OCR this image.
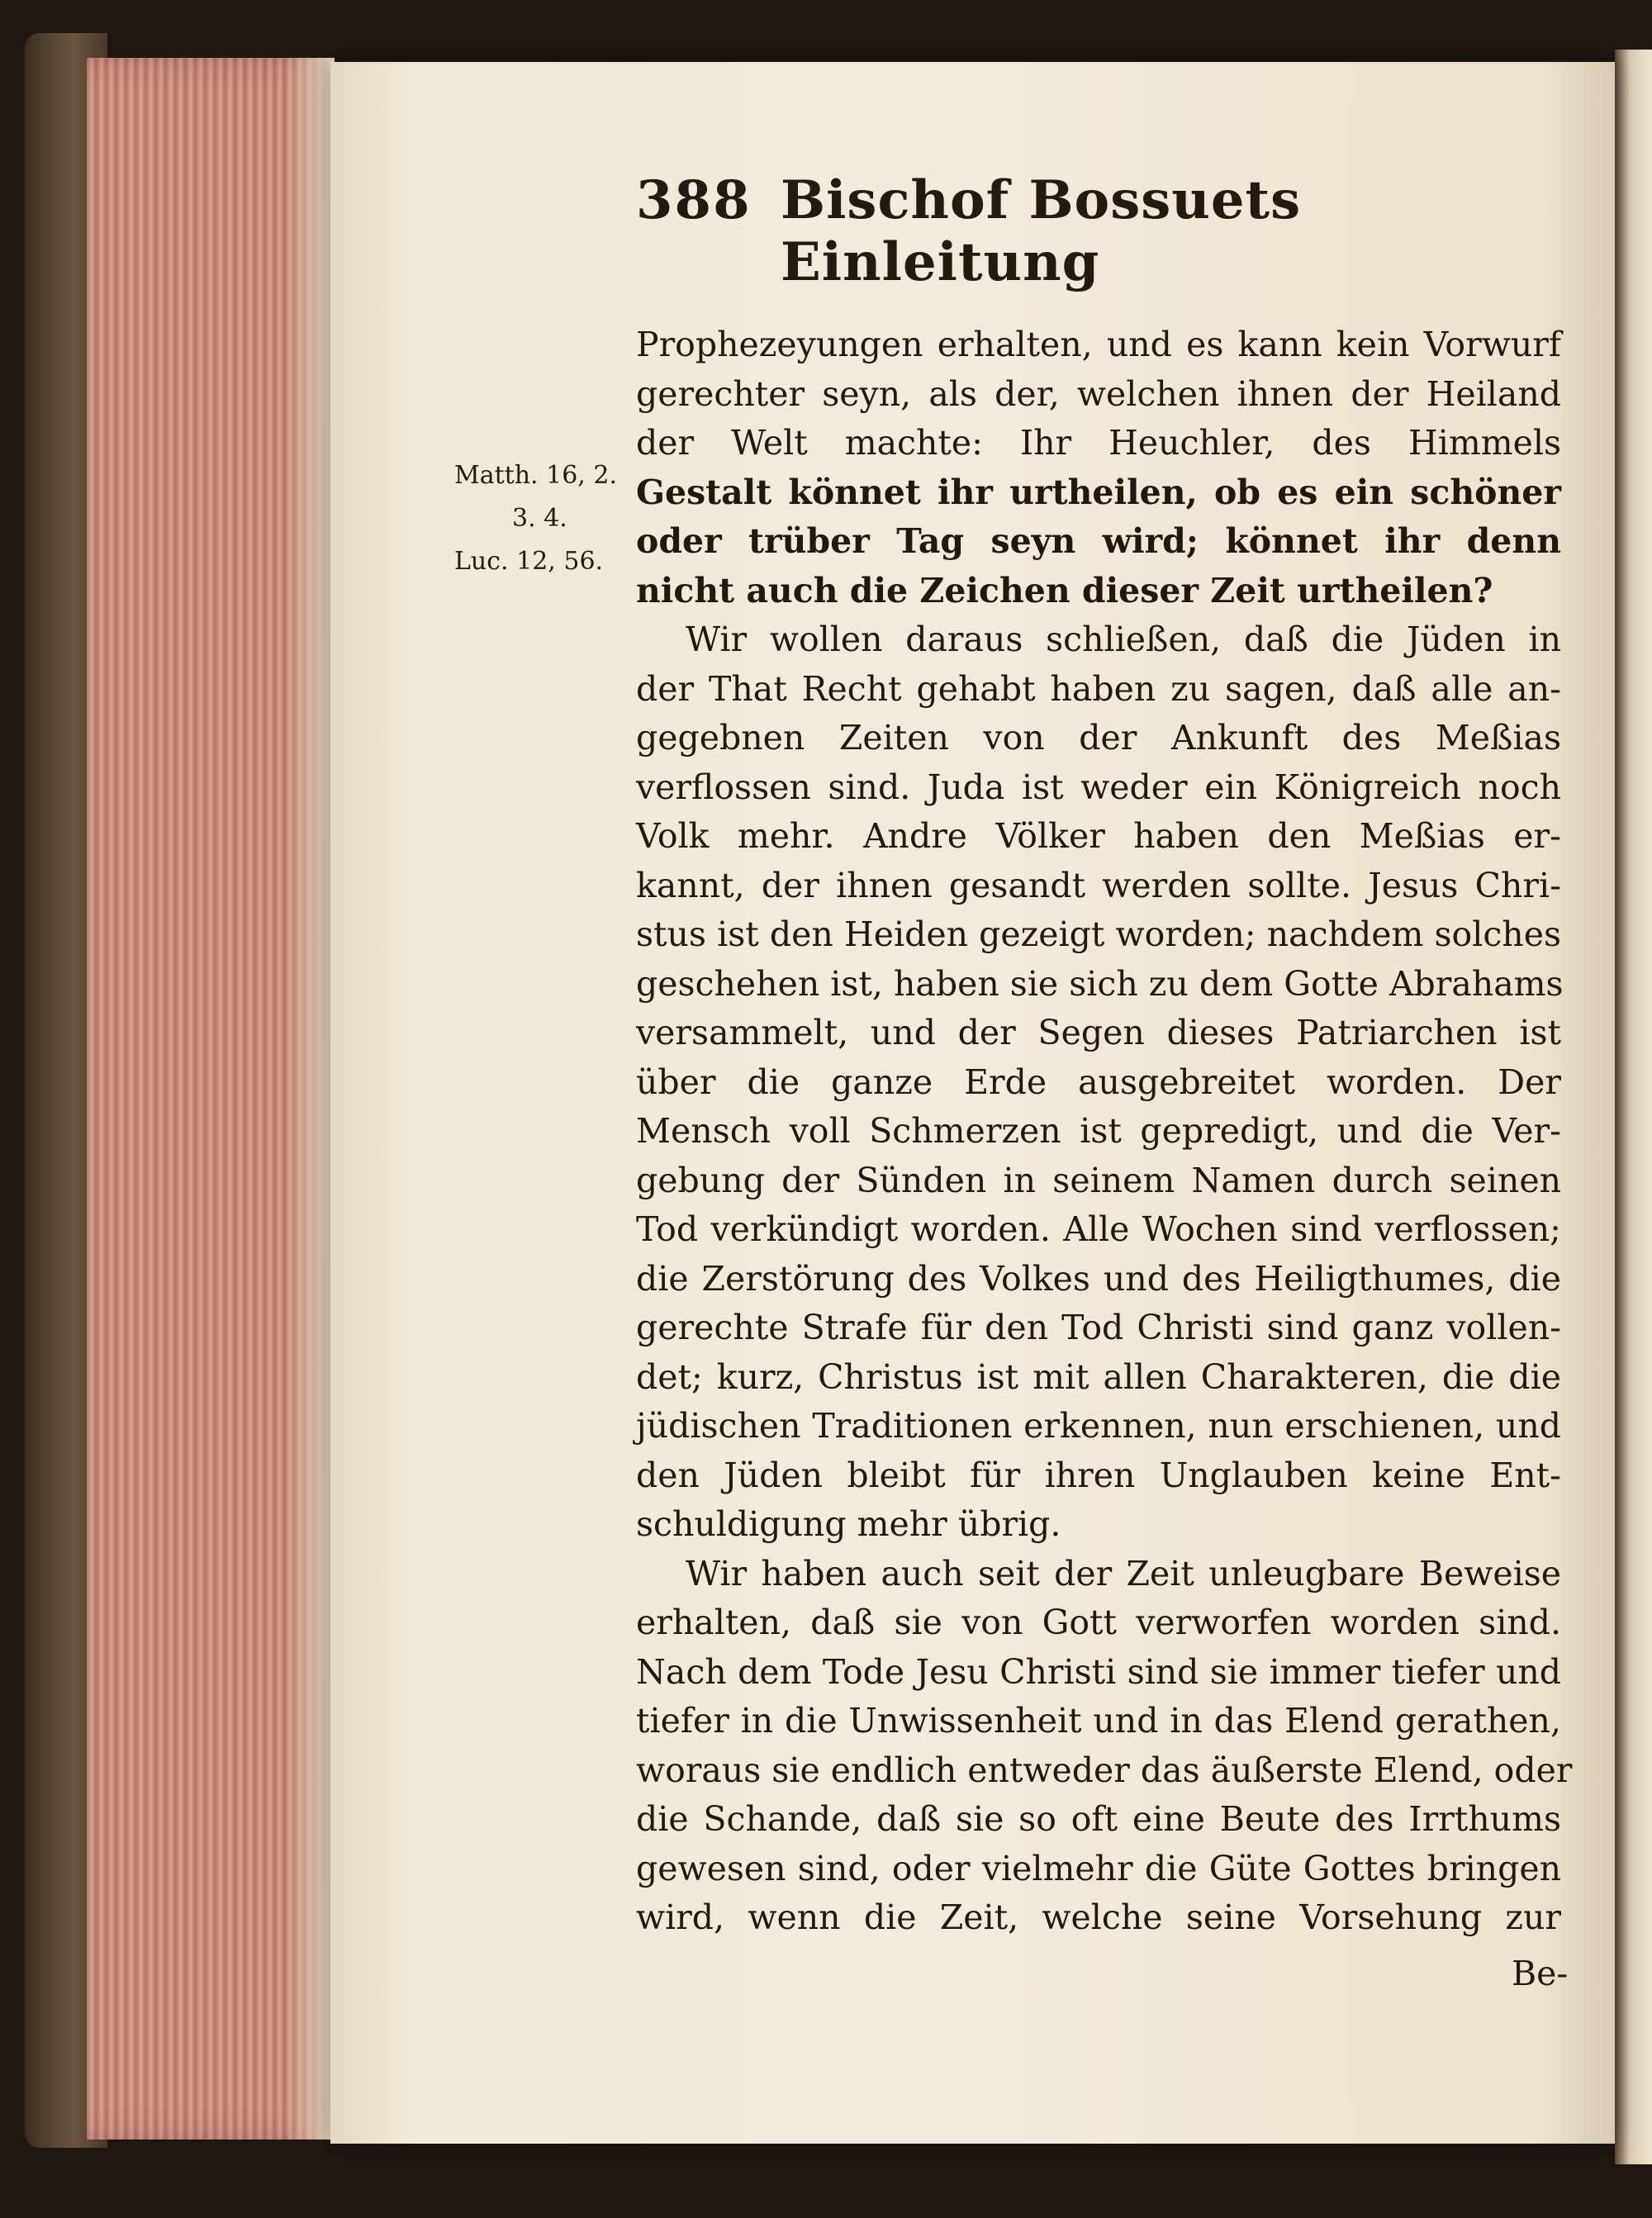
388 Bischof Bossuets Einleitung
Matth. 16, 2.
3. 4.
Luc. 12, 56.
Prophezeyungen erhalten, und es kann kein Vorwurf
gerechter seyn, als der, welchen ihnen der Heiland
der Welt machte: Ihr Heuchler, des Himmels
Gestalt könnet ihr urtheilen, ob es ein schöner
oder trüber Tag seyn wird; könnet ihr denn
nicht auch die Zeichen dieser Zeit urtheilen?
Wir wollen daraus schließen, daß die Jüden in
der That Recht gehabt haben zu sagen, daß alle an-
gegebnen Zeiten von der Ankunft des Meßias
verflossen sind. Juda ist weder ein Königreich noch
Volk mehr. Andre Völker haben den Meßias er-
kannt, der ihnen gesandt werden sollte. Jesus Chri-
stus ist den Heiden gezeigt worden; nachdem solches
geschehen ist, haben sie sich zu dem Gotte Abrahams
versammelt, und der Segen dieses Patriarchen ist
über die ganze Erde ausgebreitet worden. Der
Mensch voll Schmerzen ist gepredigt, und die Ver-
gebung der Sünden in seinem Namen durch seinen
Tod verkündigt worden. Alle Wochen sind verflossen;
die Zerstörung des Volkes und des Heiligthumes, die
gerechte Strafe für den Tod Christi sind ganz vollen-
det; kurz, Christus ist mit allen Charakteren, die die
jüdischen Traditionen erkennen, nun erschienen, und
den Jüden bleibt für ihren Unglauben keine Ent-
schuldigung mehr übrig.
Wir haben auch seit der Zeit unleugbare Beweise
erhalten, daß sie von Gott verworfen worden sind.
Nach dem Tode Jesu Christi sind sie immer tiefer und
tiefer in die Unwissenheit und in das Elend gerathen,
woraus sie endlich entweder das äußerste Elend, oder
die Schande, daß sie so oft eine Beute des Irrthums
gewesen sind, oder vielmehr die Güte Gottes bringen
wird, wenn die Zeit, welche seine Vorsehung zur
Be-
